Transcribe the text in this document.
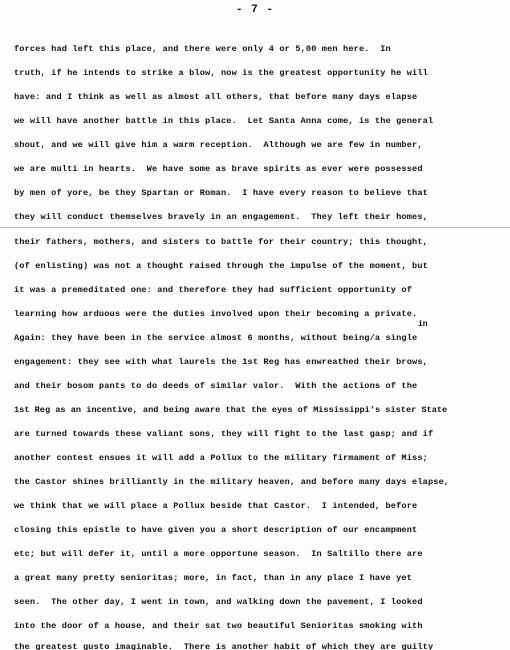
- 7 -
in
forces had left this place, and there were only 4 or 5,00 men here.  In
truth, if he intends to strike a blow, now is the greatest opportunity he will
have: and I think as well as almost all others, that before many days elapse
we will have another battle in this place.  Let Santa Anna come, is the general
shout, and we will give him a warm reception.  Although we are few in number,
we are multi in hearts.  We have some as brave spirits as ever were possessed
by men of yore, be they Spartan or Roman.  I have every reason to believe that
they will conduct themselves bravely in an engagement.  They left their homes,
their fathers, mothers, and sisters to battle for their country; this thought,
(of enlisting) was not a thought raised through the impulse of the moment, but
it was a premeditated one: and therefore they had sufficient opportunity of
learning how arduous were the duties involved upon their becoming a private.
Again: they have been in the service almost 6 months, without being/a single
engagement: they see with what laurels the 1st Reg has enwreathed their brows,
and their bosom pants to do deeds of similar valor.  With the actions of the
1st Reg as an incentive, and being aware that the eyes of Mississippi's sister State
are turned towards these valiant sons, they will fight to the last gasp; and if
another contest ensues it will add a Pollux to the military firmament of Miss;
the Castor shines brilliantly in the military heaven, and before many days elapse,
we think that we will place a Pollux beside that Castor.  I intended, before
closing this epistle to have given you a short description of our encampment
etc; but will defer it, until a more opportune season.  In Saltillo there are
a great many pretty senioritas; more, in fact, than in any place I have yet
seen.  The other day, I went in town, and walking down the pavement, I looked
into the door of a house, and their sat two beautiful Senioritas smoking with
the greatest gusto imaginable.  There is another habit of which they are guilty
